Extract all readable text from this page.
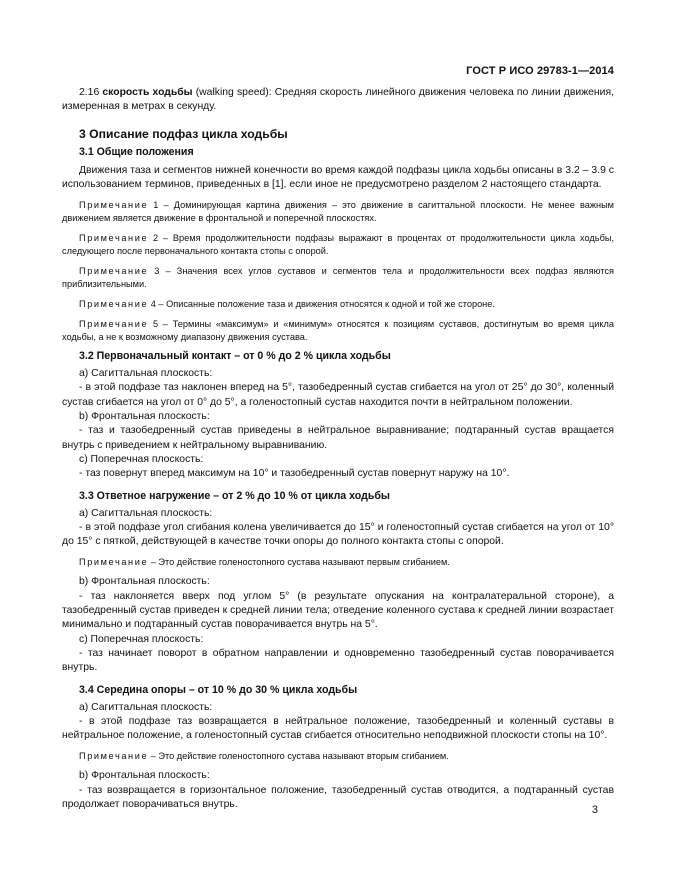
ГОСТ Р ИСО 29783-1—2014

2.16 скорость ходьбы (walking speed): Средняя скорость линейного движения человека по линии движения, измеренная в метрах в секунду.

3 Описание подфаз цикла ходьбы
3.1 Общие положения

Движения таза и сегментов нижней конечности во время каждой подфазы цикла ходьбы описаны в 3.2 – 3.9 с использованием терминов, приведенных в [1], если иное не предусмотрено разделом 2 настоящего стандарта.

Примечание 1 – Доминирующая картина движения – это движение в сагиттальной плоскости. Не менее важным движением является движение в фронтальной и поперечной плоскостях.

Примечание 2 – Время продолжительности подфазы выражают в процентах от продолжительности цикла ходьбы, следующего после первоначального контакта стопы с опорой.

Примечание 3 – Значения всех углов суставов и сегментов тела и продолжительности всех подфаз являются приблизительными.

Примечание 4 – Описанные положение таза и движения относятся к одной и той же стороне.

Примечание 5 – Термины «максимум» и «минимум» относятся к позициям суставов, достигнутым во время цикла ходьбы, а не к возможному диапазону движения сустава.

3.2 Первоначальный контакт – от 0 % до 2 % цикла ходьбы

a) Сагиттальная плоскость:

- в этой подфазе таз наклонен вперед на 5°, тазобедренный сустав сгибается на угол от 25° до 30°, коленный сустав сгибается на угол от 0° до 5°, а голеностопный сустав находится почти в нейтральном положении.

b) Фронтальная плоскость:

- таз и тазобедренный сустав приведены в нейтральное выравнивание; подтаранный сустав вращается внутрь с приведением к нейтральному выравниванию.

c) Поперечная плоскость:

- таз повернут вперед максимум на 10° и тазобедренный сустав повернут наружу на 10°.

3.3 Ответное нагружение – от 2 % до 10 % от цикла ходьбы

a) Сагиттальная плоскость:

- в этой подфазе угол сгибания колена увеличивается до 15° и голеностопный сустав сгибается на угол от 10° до 15° с пяткой, действующей в качестве точки опоры до полного контакта стопы с опорой.

Примечание – Это действие голеностопного сустава называют первым сгибанием.

b) Фронтальная плоскость:

- таз наклоняется вверх под углом 5° (в результате опускания на контралатеральной стороне), а тазобедренный сустав приведен к средней линии тела; отведение коленного сустава к средней линии возрастает минимально и подтаранный сустав поворачивается внутрь на 5°.

c) Поперечная плоскость:

- таз начинает поворот в обратном направлении и одновременно тазобедренный сустав поворачивается внутрь.

3.4 Середина опоры – от 10 % до 30 % цикла ходьбы

a) Сагиттальная плоскость:

- в этой подфазе таз возвращается в нейтральное положение, тазобедренный и коленный суставы в нейтральное положение, а голеностопный сустав сгибается относительно неподвижной плоскости стопы на 10°.

Примечание – Это действие голеностопного сустава называют вторым сгибанием.

b) Фронтальная плоскость:

- таз возвращается в горизонтальное положение, тазобедренный сустав отводится, а подтаранный сустав продолжает поворачиваться внутрь.	3
